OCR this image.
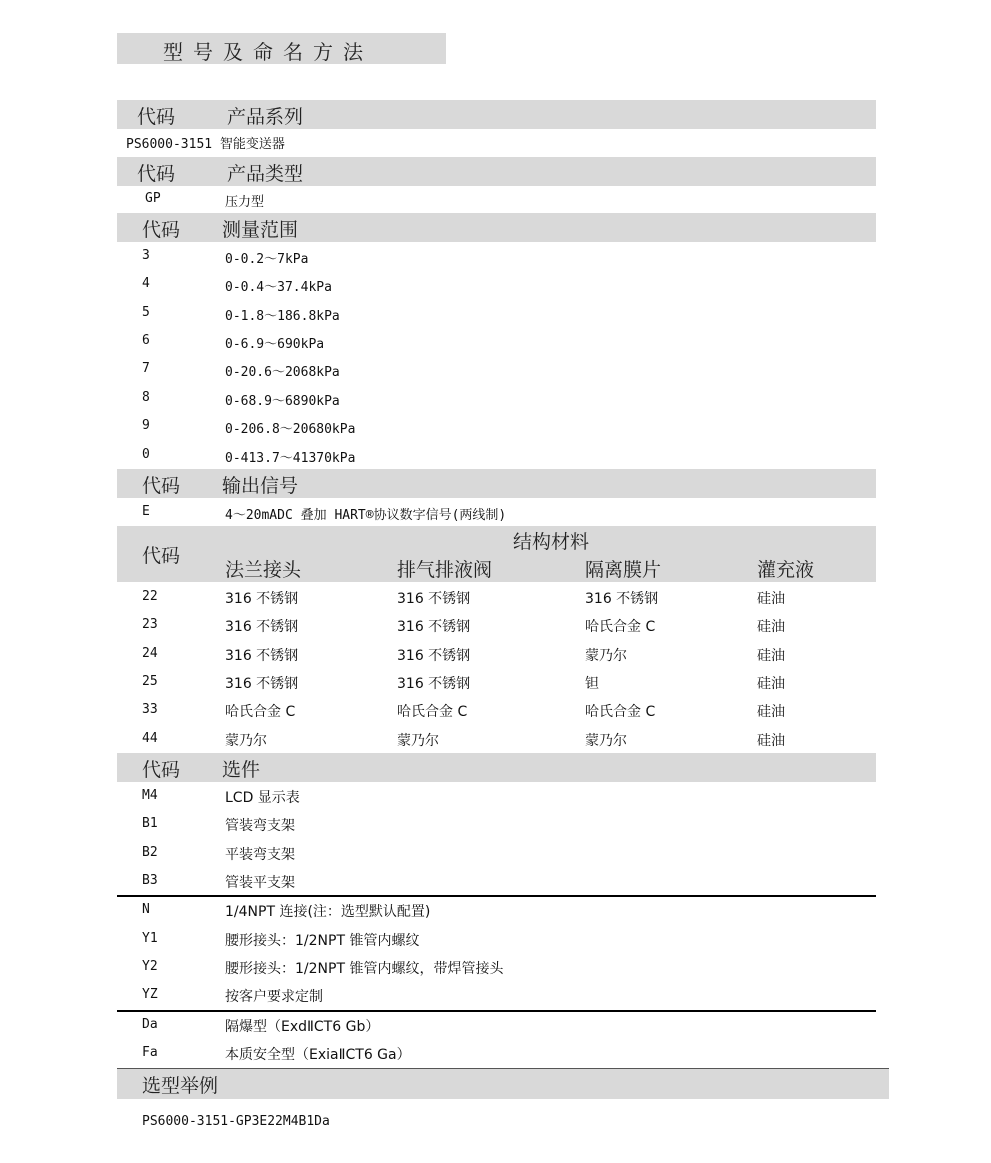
型号及命名方法
代码	产品系列
PS6000-3151 智能变送器
代码	产品类型
GP	压力型
代码 测量范围
3	0-0.2～7kPa
4	0-0.4～37.4kPa
5	0-1.8～186.8kPa
6	0-6.9～690kPa
7	0-20.6～2068kPa
8	0-68.9～6890kPa
9	0-206.8～20680kPa
0	0-413.7～41370kPa
代码 输出信号
E	4～20mADC 叠加 HART®协议数字信号(两线制)
代码
结构材料
法兰接头	排气排液阀	隔离膜片	灌充液
22	316 不锈钢	316 不锈钢	316 不锈钢	硅油
23	316 不锈钢	316 不锈钢	哈氏合金 C	硅油
24	316 不锈钢	316 不锈钢	蒙乃尔	硅油
25	316 不锈钢	316 不锈钢	钽	硅油
33	哈氏合金 C	哈氏合金 C	哈氏合金 C	硅油
44	蒙乃尔	蒙乃尔	蒙乃尔	硅油
代码 选件
M4	LCD 显示表
B1	管装弯支架
B2	平装弯支架
B3	管装平支架
N	1/4NPT 连接(注：选型默认配置)
Y1	腰形接头：1/2NPT 锥管内螺纹
Y2	腰形接头：1/2NPT 锥管内螺纹，带焊管接头
YZ	按客户要求定制
Da	隔爆型（ExdⅡCT6 Gb）
Fa	本质安全型（ExiaⅡCT6 Ga）
选型举例
PS6000-3151-GP3E22M4B1Da
